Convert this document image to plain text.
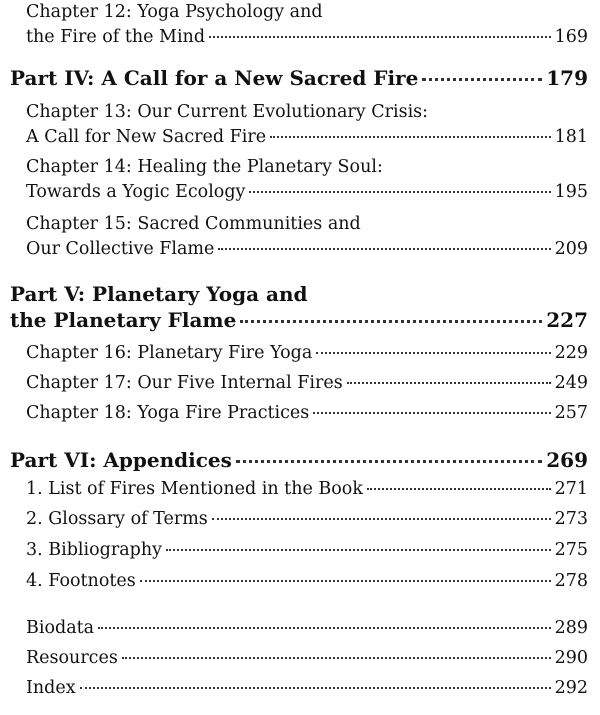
Chapter 12: Yoga Psychology and
the Fire of the Mind	169
Part IV: A Call for a New Sacred Fire	179
Chapter 13: Our Current Evolutionary Crisis:
A Call for New Sacred Fire	181
Chapter 14: Healing the Planetary Soul:
Towards a Yogic Ecology	195
Chapter 15: Sacred Communities and
Our Collective Flame	209
Part V: Planetary Yoga and
the Planetary Flame	227
Chapter 16: Planetary Fire Yoga	229
Chapter 17: Our Five Internal Fires	249
Chapter 18: Yoga Fire Practices	257
Part VI: Appendices	269
1. List of Fires Mentioned in the Book	271
2. Glossary of Terms	273
3. Bibliography	275
4. Footnotes	278
Biodata	289
Resources	290
Index	292
